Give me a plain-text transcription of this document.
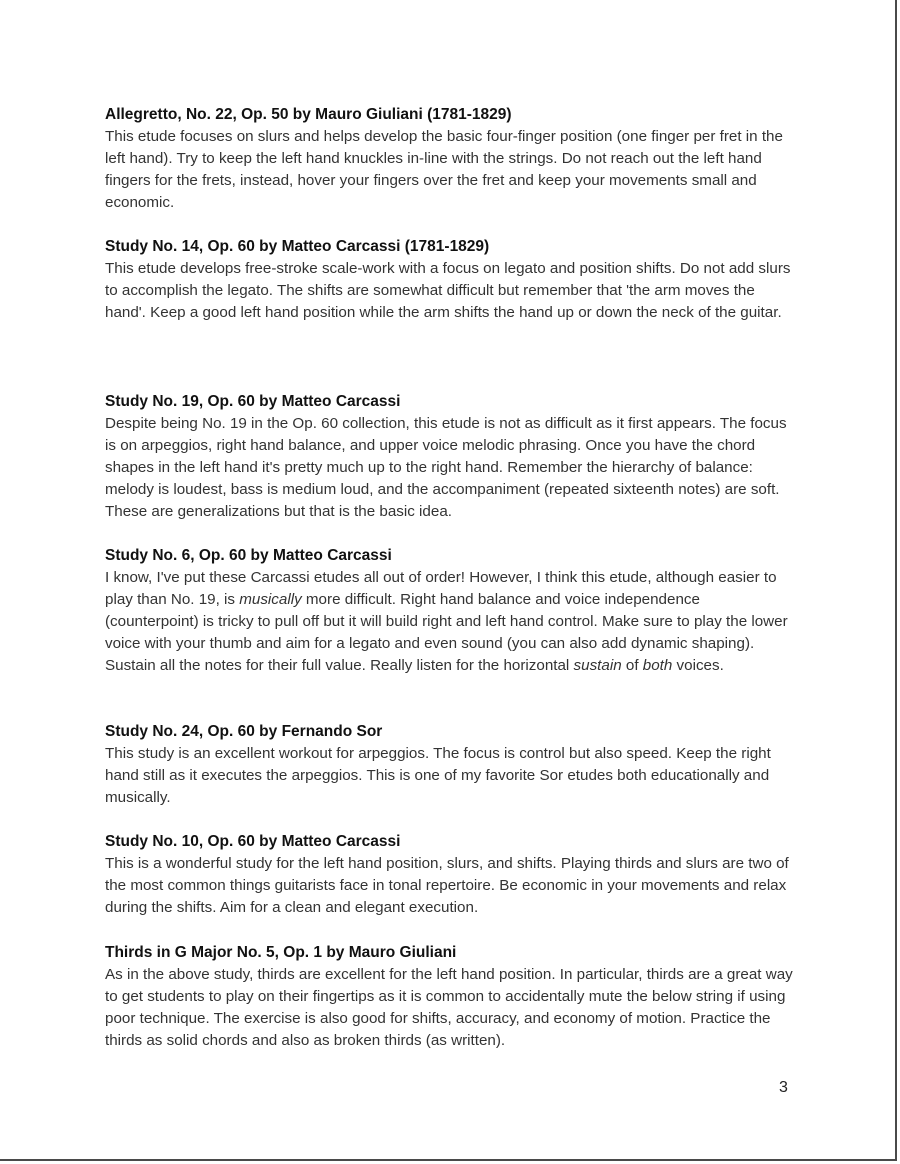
Allegretto, No. 22, Op. 50 by Mauro Giuliani (1781-1829)

This etude focuses on slurs and helps develop the basic four-finger position (one finger per fret in the left hand). Try to keep the left hand knuckles in-line with the strings. Do not reach out the left hand fingers for the frets, instead, hover your fingers over the fret and keep your movements small and economic.

Study No. 14, Op. 60 by Matteo Carcassi (1781-1829)

This etude develops free-stroke scale-work with a focus on legato and position shifts. Do not add slurs to accomplish the legato. The shifts are somewhat difficult but remember that 'the arm moves the hand'. Keep a good left hand position while the arm shifts the hand up or down the neck of the guitar.

Study No. 19, Op. 60 by Matteo Carcassi

Despite being No. 19 in the Op. 60 collection, this etude is not as difficult as it first appears. The focus is on arpeggios, right hand balance, and upper voice melodic phrasing. Once you have the chord shapes in the left hand it's pretty much up to the right hand. Remember the hierarchy of balance: melody is loudest, bass is medium loud, and the accompaniment (repeated sixteenth notes) are soft. These are generalizations but that is the basic idea.

Study No. 6, Op. 60 by Matteo Carcassi

I know, I've put these Carcassi etudes all out of order! However, I think this etude, although easier to play than No. 19, is musically more difficult. Right hand balance and voice independence (counterpoint) is tricky to pull off but it will build right and left hand control. Make sure to play the lower voice with your thumb and aim for a legato and even sound (you can also add dynamic shaping). Sustain all the notes for their full value. Really listen for the horizontal sustain of both voices.

Study No. 24, Op. 60 by Fernando Sor

This study is an excellent workout for arpeggios. The focus is control but also speed. Keep the right hand still as it executes the arpeggios. This is one of my favorite Sor etudes both educationally and musically.

Study No. 10, Op. 60 by Matteo Carcassi

This is a wonderful study for the left hand position, slurs, and shifts. Playing thirds and slurs are two of the most common things guitarists face in tonal repertoire. Be economic in your movements and relax during the shifts. Aim for a clean and elegant execution.

Thirds in G Major No. 5, Op. 1 by Mauro Giuliani

As in the above study, thirds are excellent for the left hand position. In particular, thirds are a great way to get students to play on their fingertips as it is common to accidentally mute the below string if using poor technique. The exercise is also good for shifts, accuracy, and economy of motion. Practice the thirds as solid chords and also as broken thirds (as written).

3
